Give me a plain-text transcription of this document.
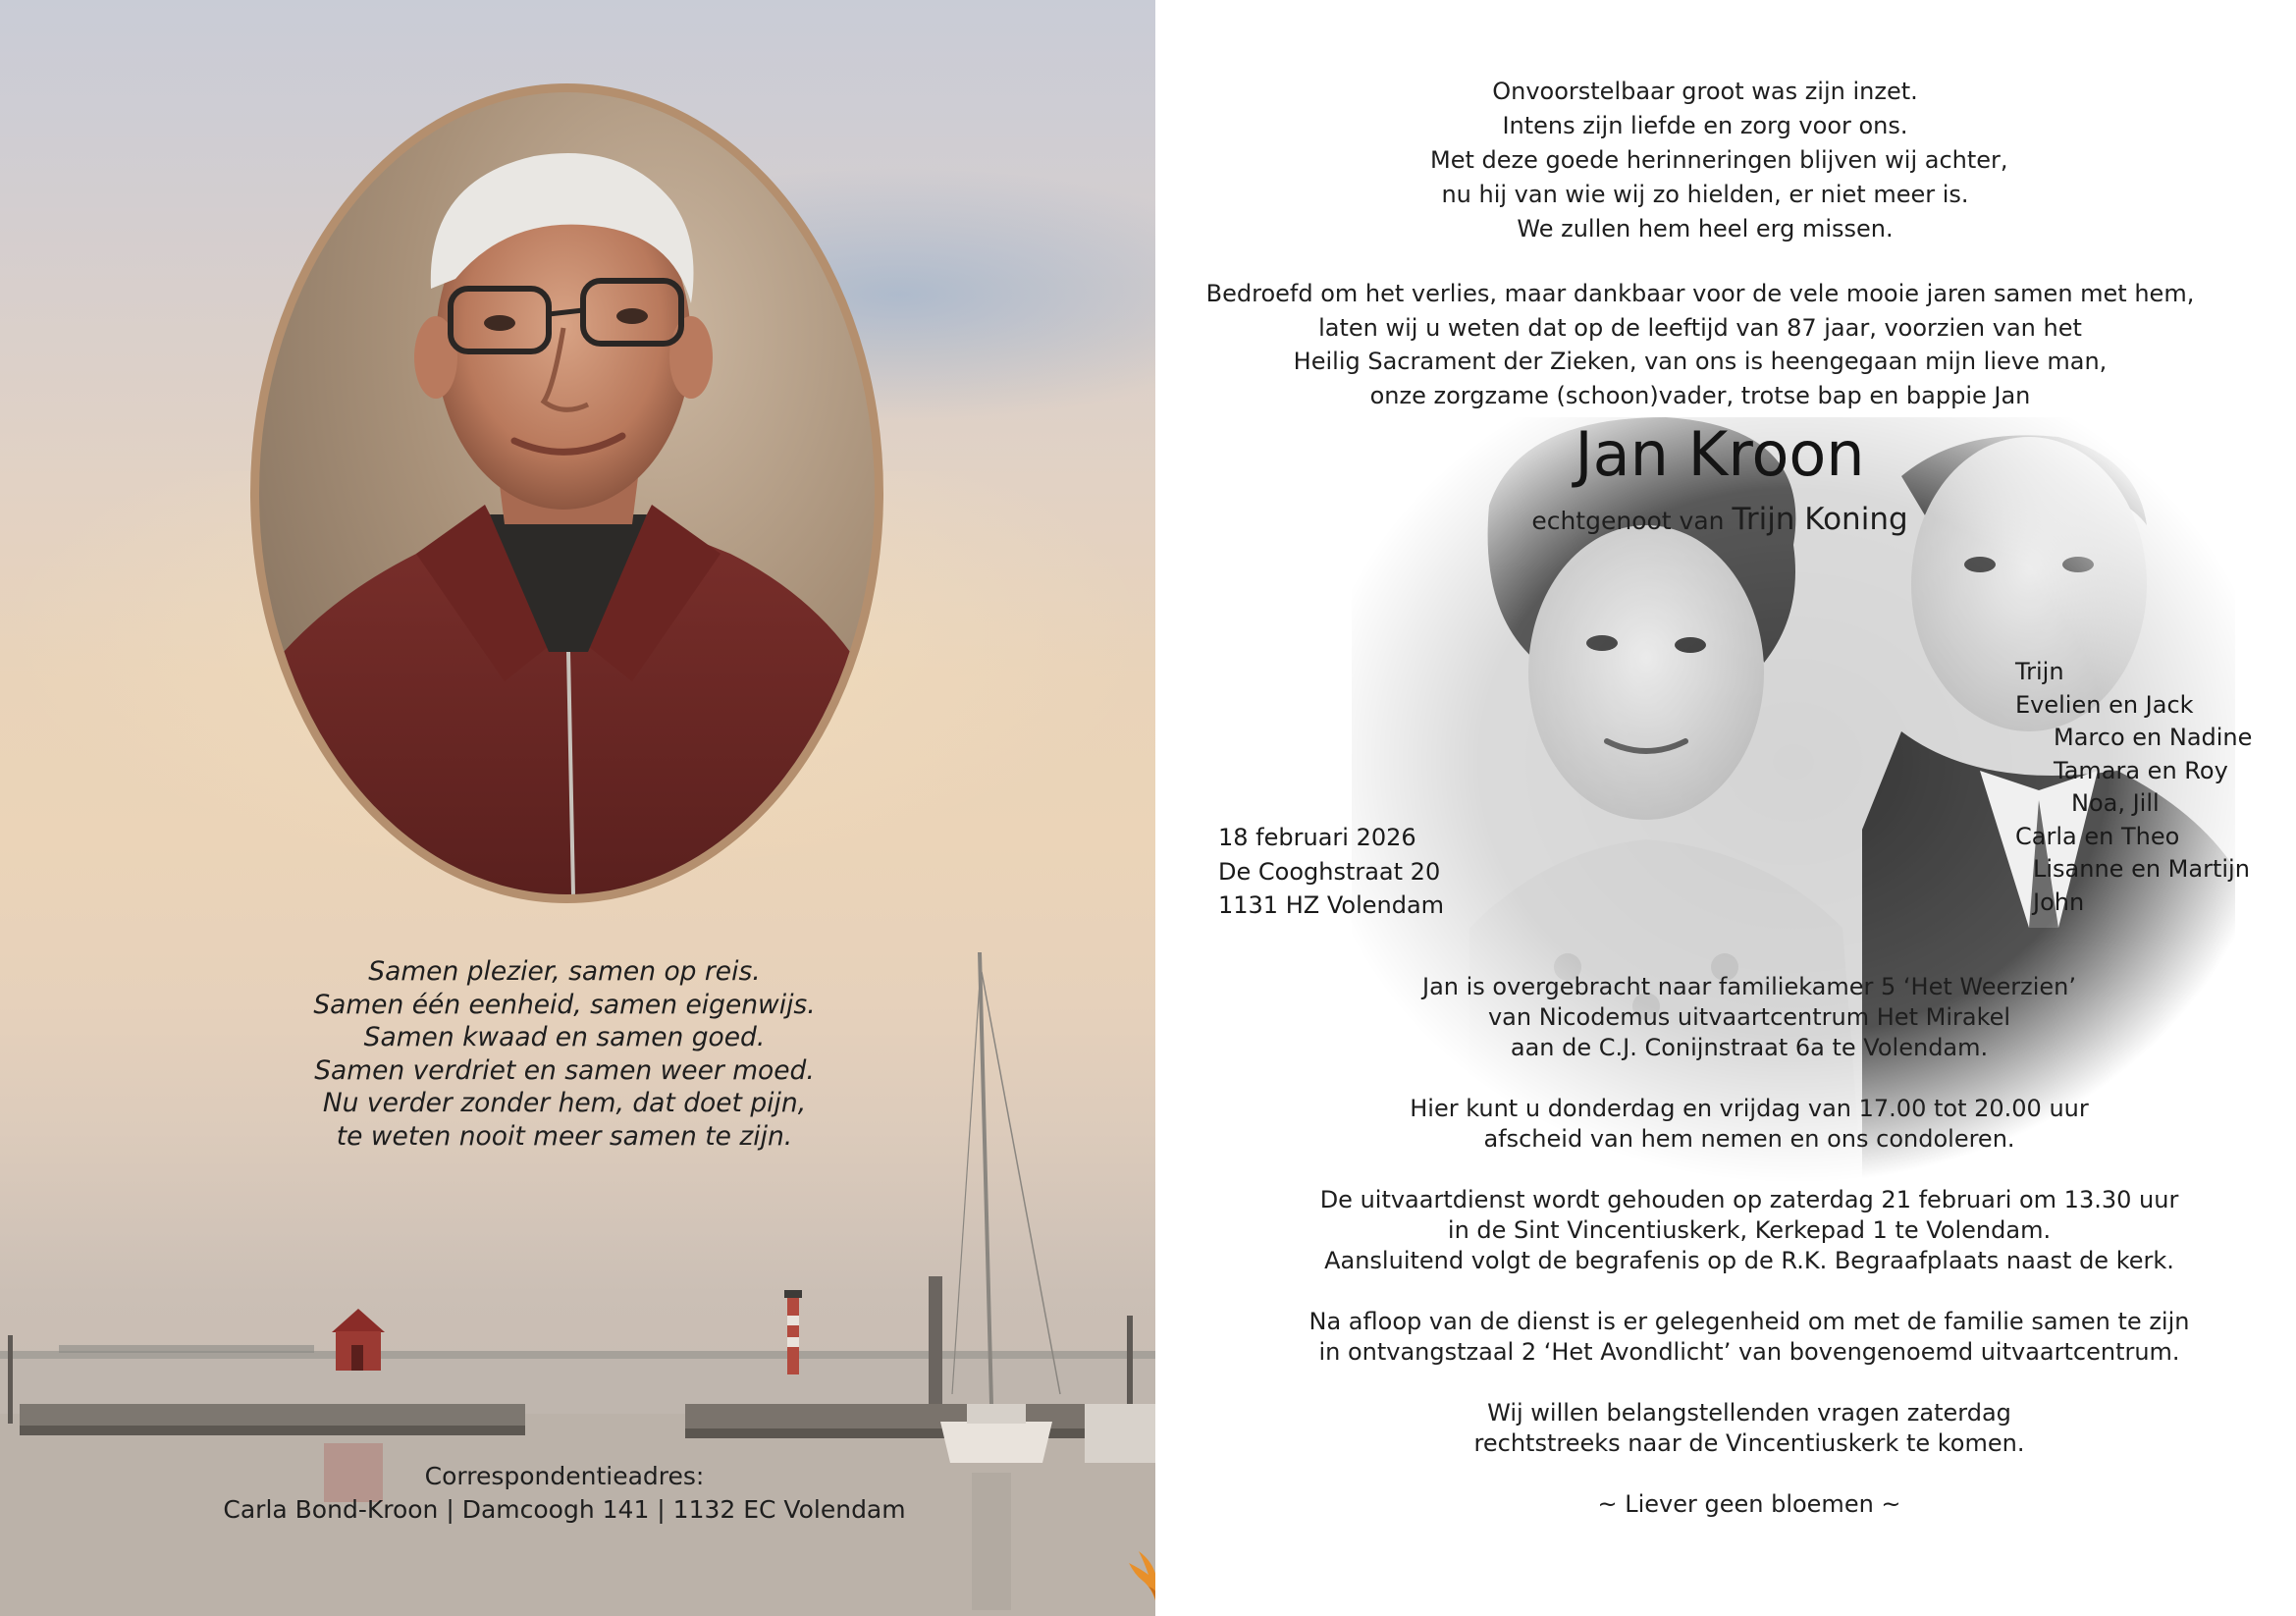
Samen plezier, samen op reis.
Samen één eenheid, samen eigenwijs.
Samen kwaad en samen goed.
Samen verdriet en samen weer moed.
Nu verder zonder hem, dat doet pijn,
te weten nooit meer samen te zijn.
Correspondentieadres:
Carla Bond-Kroon | Damcoogh 141 | 1132 EC Volendam
Onvoorstelbaar groot was zijn inzet.
Intens zijn liefde en zorg voor ons.
Met deze goede herinneringen blijven wij achter,
nu hij van wie wij zo hielden, er niet meer is.
We zullen hem heel erg missen.
Bedroefd om het verlies, maar dankbaar voor de vele mooie jaren samen met hem,
laten wij u weten dat op de leeftijd van 87 jaar, voorzien van het
Heilig Sacrament der Zieken, van ons is heengegaan mijn lieve man,
onze zorgzame (schoon)vader, trotse bap en bappie Jan
Jan Kroon
echtgenoot van Trijn Koning
18 februari 2026
De Cooghstraat 20
1131 HZ Volendam
Trijn
Evelien en Jack
Marco en Nadine
Tamara en Roy
Noa, Jill
Carla en Theo
Lisanne en Martijn
John
Jan is overgebracht naar familiekamer 5 ‘Het Weerzien’
van Nicodemus uitvaartcentrum Het Mirakel
aan de C.J. Conijnstraat 6a te Volendam.
Hier kunt u donderdag en vrijdag van 17.00 tot 20.00 uur
afscheid van hem nemen en ons condoleren.
De uitvaartdienst wordt gehouden op zaterdag 21 februari om 13.30 uur
in de Sint Vincentiuskerk, Kerkepad 1 te Volendam.
Aansluitend volgt de begrafenis op de R.K. Begraafplaats naast de kerk.
Na afloop van de dienst is er gelegenheid om met de familie samen te zijn
in ontvangstzaal 2 ‘Het Avondlicht’ van bovengenoemd uitvaartcentrum.
Wij willen belangstellenden vragen zaterdag
rechtstreeks naar de Vincentiuskerk te komen.
~ Liever geen bloemen ~
